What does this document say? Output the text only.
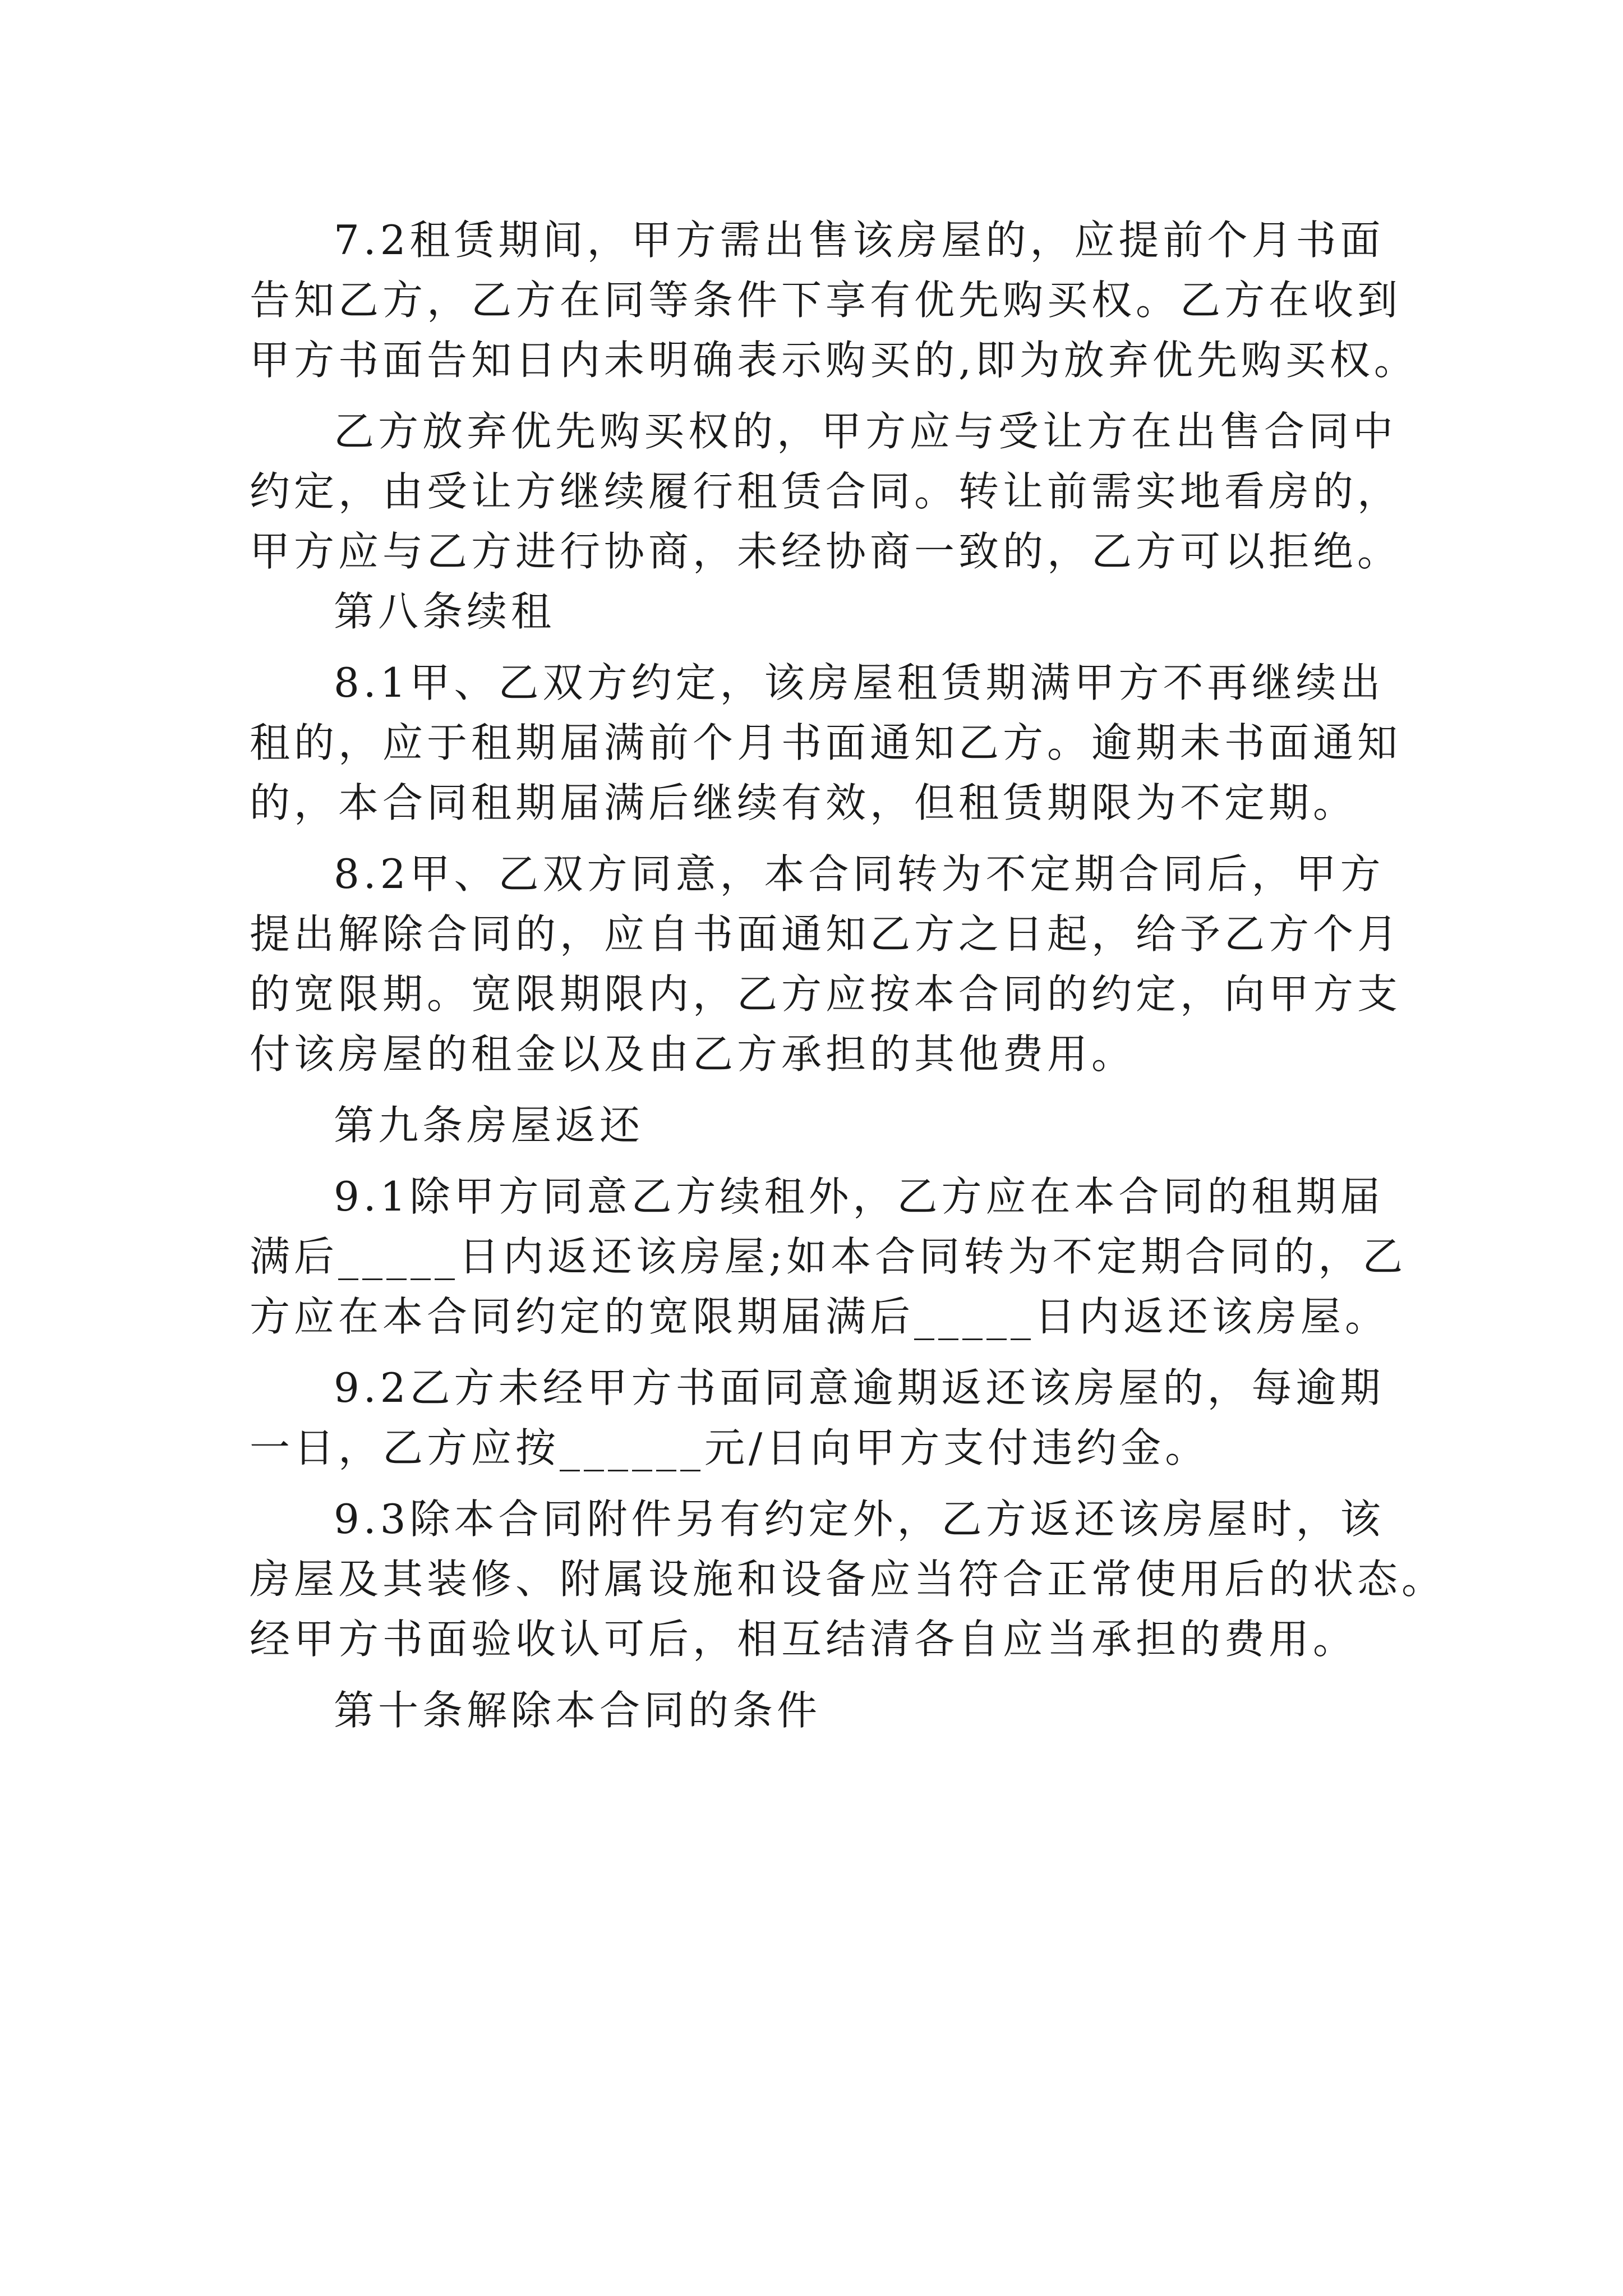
7.2租赁期间，甲方需出售该房屋的，应提前个月书面
告知乙方，乙方在同等条件下享有优先购买权。乙方在收到
甲方书面告知日内未明确表示购买的,即为放弃优先购买权。
乙方放弃优先购买权的，甲方应与受让方在出售合同中
约定，由受让方继续履行租赁合同。转让前需实地看房的，
甲方应与乙方进行协商，未经协商一致的，乙方可以拒绝。
第八条续租
8.1甲、乙双方约定，该房屋租赁期满甲方不再继续出
租的，应于租期届满前个月书面通知乙方。逾期未书面通知
的，本合同租期届满后继续有效，但租赁期限为不定期。
8.2甲、乙双方同意，本合同转为不定期合同后，甲方
提出解除合同的，应自书面通知乙方之日起，给予乙方个月
的宽限期。宽限期限内，乙方应按本合同的约定，向甲方支
付该房屋的租金以及由乙方承担的其他费用。
第九条房屋返还
9.1除甲方同意乙方续租外，乙方应在本合同的租期届
满后_____日内返还该房屋;如本合同转为不定期合同的，乙
方应在本合同约定的宽限期届满后_____日内返还该房屋。
9.2乙方未经甲方书面同意逾期返还该房屋的，每逾期
一日，乙方应按______元/日向甲方支付违约金。
9.3除本合同附件另有约定外，乙方返还该房屋时，该
房屋及其装修、附属设施和设备应当符合正常使用后的状态。
经甲方书面验收认可后，相互结清各自应当承担的费用。
第十条解除本合同的条件
